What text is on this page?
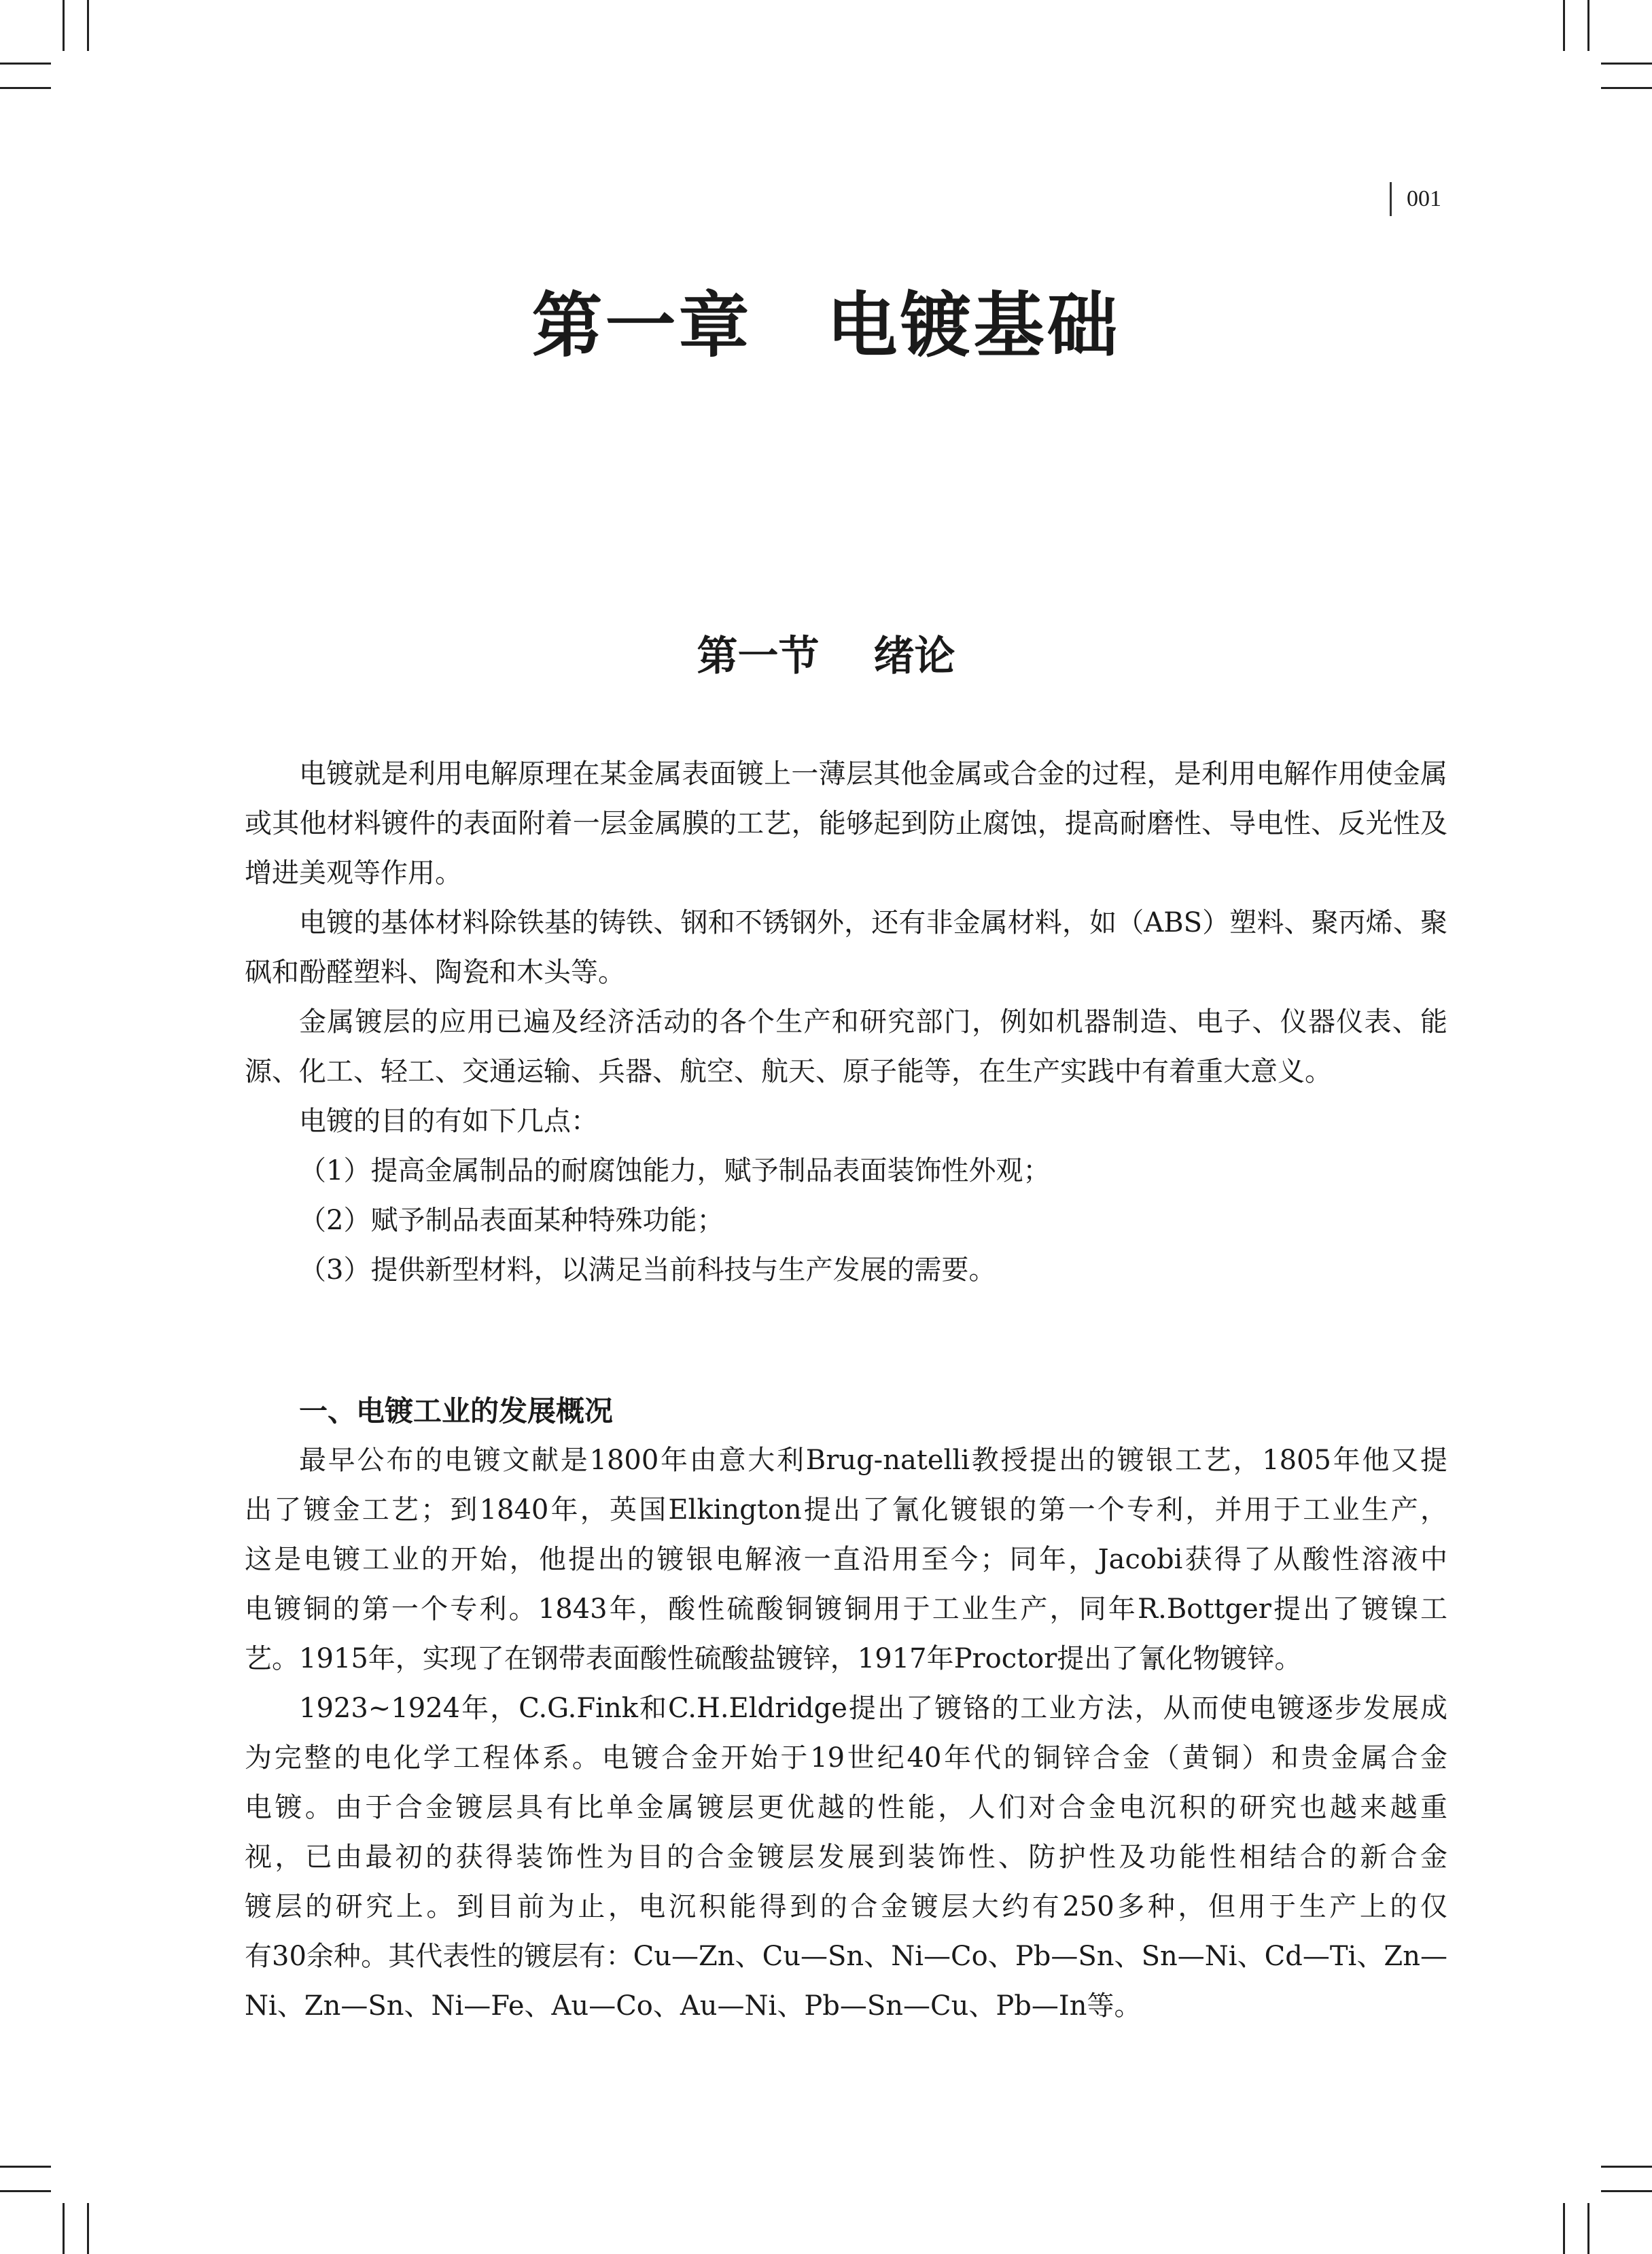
001
第一章 电镀基础
第一节 绪论

电镀就是利用电解原理在某金属表面镀上一薄层其他金属或合金的过程，是利用电解作用使金属或其他材料镀件的表面附着一层金属膜的工艺，能够起到防止腐蚀，提高耐磨性、导电性、反光性及增进美观等作用。

电镀的基体材料除铁基的铸铁、钢和不锈钢外，还有非金属材料，如（ABS）塑料、聚丙烯、聚砜和酚醛塑料、陶瓷和木头等。

金属镀层的应用已遍及经济活动的各个生产和研究部门，例如机器制造、电子、仪器仪表、能源、化工、轻工、交通运输、兵器、航空、航天、原子能等，在生产实践中有着重大意义。

电镀的目的有如下几点：

（1）提高金属制品的耐腐蚀能力，赋予制品表面装饰性外观；

（2）赋予制品表面某种特殊功能；

（3）提供新型材料，以满足当前科技与生产发展的需要。

一、电镀工业的发展概况

最早公布的电镀文献是1800年由意大利Brug-natelli教授提出的镀银工艺，1805年他又提

出了镀金工艺；到1840年，英国Elkington提出了氰化镀银的第一个专利，并用于工业生产，

这是电镀工业的开始，他提出的镀银电解液一直沿用至今；同年，Jacobi获得了从酸性溶液中

电镀铜的第一个专利。1843年，酸性硫酸铜镀铜用于工业生产，同年R.Bottger提出了镀镍工

艺。1915年，实现了在钢带表面酸性硫酸盐镀锌，1917年Proctor提出了氰化物镀锌。

1923~1924年，C.G.Fink和C.H.Eldridge提出了镀铬的工业方法，从而使电镀逐步发展成

为完整的电化学工程体系。电镀合金开始于19世纪40年代的铜锌合金（黄铜）和贵金属合金

电镀。由于合金镀层具有比单金属镀层更优越的性能，人们对合金电沉积的研究也越来越重

视，已由最初的获得装饰性为目的合金镀层发展到装饰性、防护性及功能性相结合的新合金

镀层的研究上。到目前为止，电沉积能得到的合金镀层大约有250多种，但用于生产上的仅

有30余种。其代表性的镀层有：Cu—Zn、Cu—Sn、Ni—Co、Pb—Sn、Sn—Ni、Cd—Ti、Zn—

Ni、Zn—Sn、Ni—Fe、Au—Co、Au—Ni、Pb—Sn—Cu、Pb—In等。
